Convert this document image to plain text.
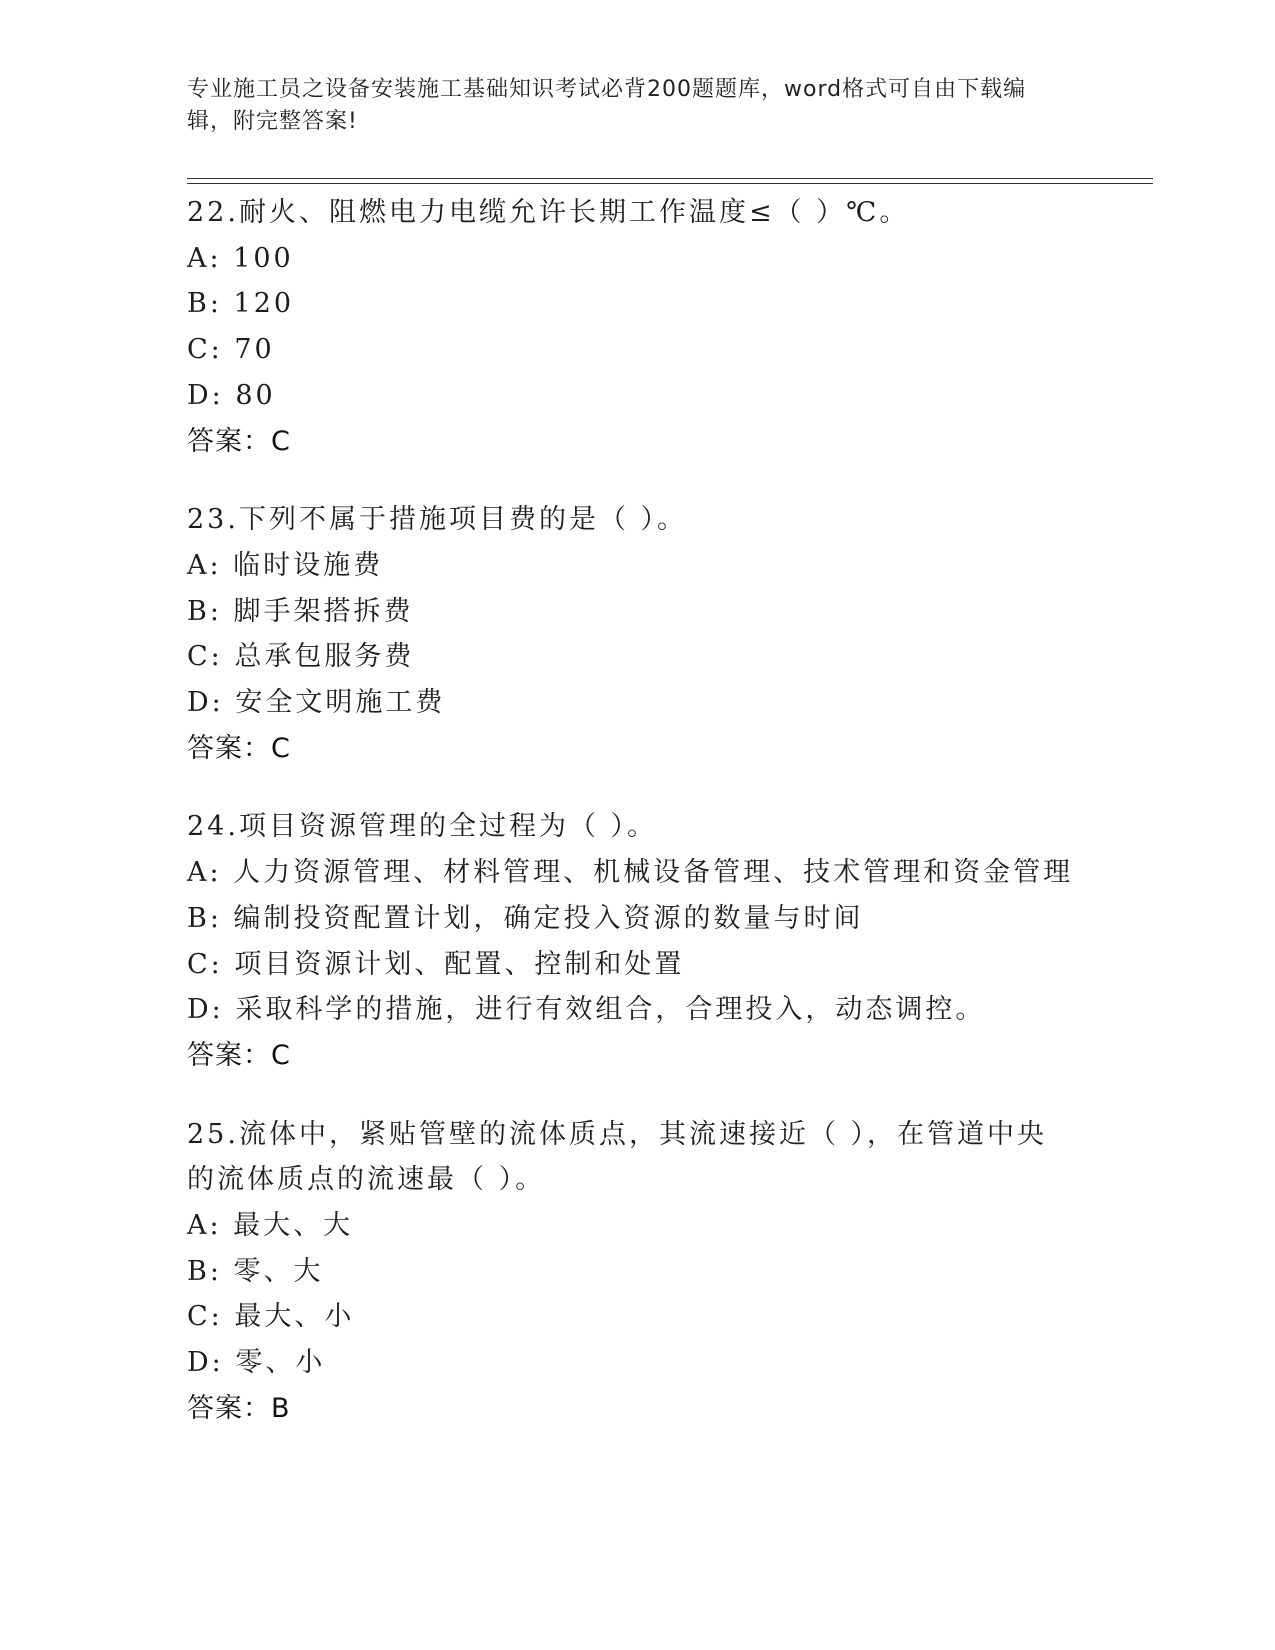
专业施工员之设备安装施工基础知识考试必背200题题库，word格式可自由下载编辑，附完整答案!
22.耐火、阻燃电力电缆允许长期工作温度≤（ ）℃。
A: 100
B: 120
C: 70
D: 80
答案：C
23.下列不属于措施项目费的是（ ）。
A: 临时设施费
B: 脚手架搭拆费
C: 总承包服务费
D: 安全文明施工费
答案：C
24.项目资源管理的全过程为（ ）。
A: 人力资源管理、材料管理、机械设备管理、技术管理和资金管理
B: 编制投资配置计划，确定投入资源的数量与时间
C: 项目资源计划、配置、控制和处置
D: 采取科学的措施，进行有效组合，合理投入，动态调控。
答案：C
25.流体中，紧贴管壁的流体质点，其流速接近（ ），在管道中央的流体质点的流速最（ ）。
A: 最大、大
B: 零、大
C: 最大、小
D: 零、小
答案：B
